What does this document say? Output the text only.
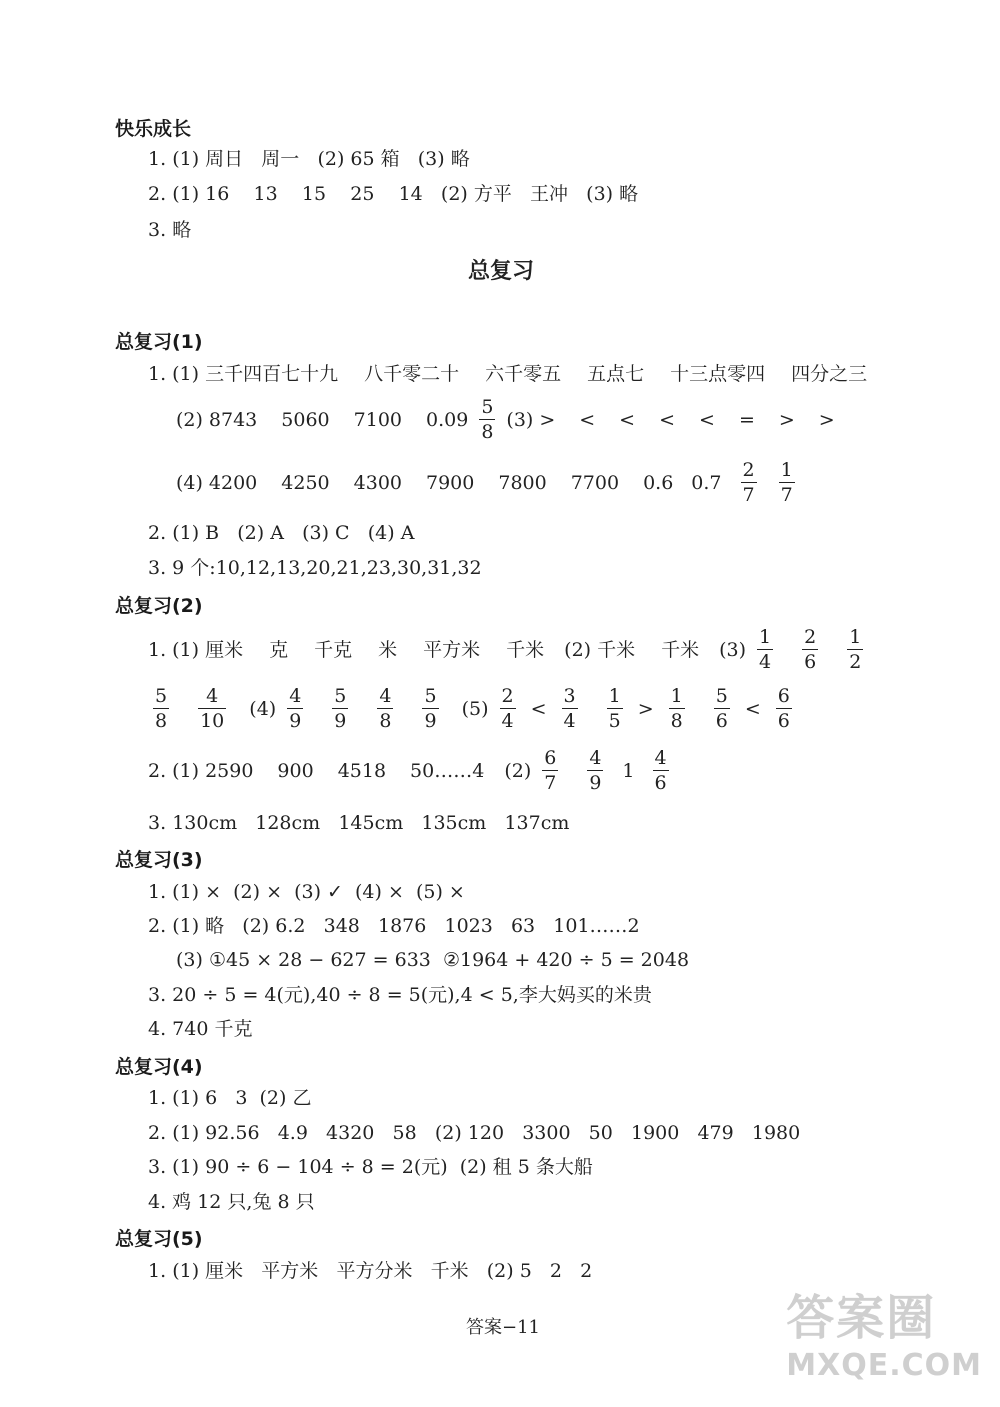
快乐成长
1. (1) 周日 周一 (2) 65 箱 (3) 略
2. (1) 16 13 15 25 14 (2) 方平 王冲 (3) 略
3. 略
总复习
总复习(1)
1. (1) 三千四百七十九 八千零二十 六千零五 五点七 十三点零四 四分之三
(2) 8743 5060 7100 $0.09 \frac{5}{8} (3)$ > < < < < = > >
(4) 4200 4250 4300 7900 7800 7700 0.6 $0.7 \frac{2}{7} \frac{1}{7}$
2. (1) B (2) A (3) C (4) A
3. 9 个:10,12,13,20,21,23,30,31,32
总复习(2)
1. (1) 厘米 克 千克 米 平方米 千米 (2) 千米 千米 $(3) \frac{1}{4} \frac{2}{6} \frac{1}{2}$
$\frac{5}{8} \frac{4}{10} (4) \frac{4}{9} \frac{5}{9} \frac{4}{8} \frac{5}{9} (5) \frac{2}{4} < \frac{3}{4} \frac{1}{5} > \frac{1}{8} \frac{5}{6} < \frac{6}{6}$
2. (1) 2590 900 4518 50……4 $(2) \frac{6}{7} \frac{4}{9} 1 \frac{4}{6}$
3. 130cm 128cm 145cm 135cm 137cm
总复习(3)
1. (1) ×  (2) ×  (3) ✓  (4) ×  (5) ×
2. (1) 略 (2) 6.2 348 1876 1023 63 101……2
(3) ①45 × 28 − 627 = 633  ②1964 + 420 ÷ 5 = 2048
3. 20 ÷ 5 = 4(元),40 ÷ 8 = 5(元),4 < 5,李大妈买的米贵
4. 740 千克
总复习(4)
1. (1) 6   3  (2) 乙
2. (1) 92.56 4.9 4320 58 (2) 120 3300 50 1900 479 1980
3. (1) 90 ÷ 6 − 104 ÷ 8 = 2(元)  (2) 租 5 条大船
4. 鸡 12 只,兔 8 只
总复习(5)
1. (1) 厘米 平方米 平方分米 千米 (2) 5 2 2
答案−11	答案圈
MXQE.COM
